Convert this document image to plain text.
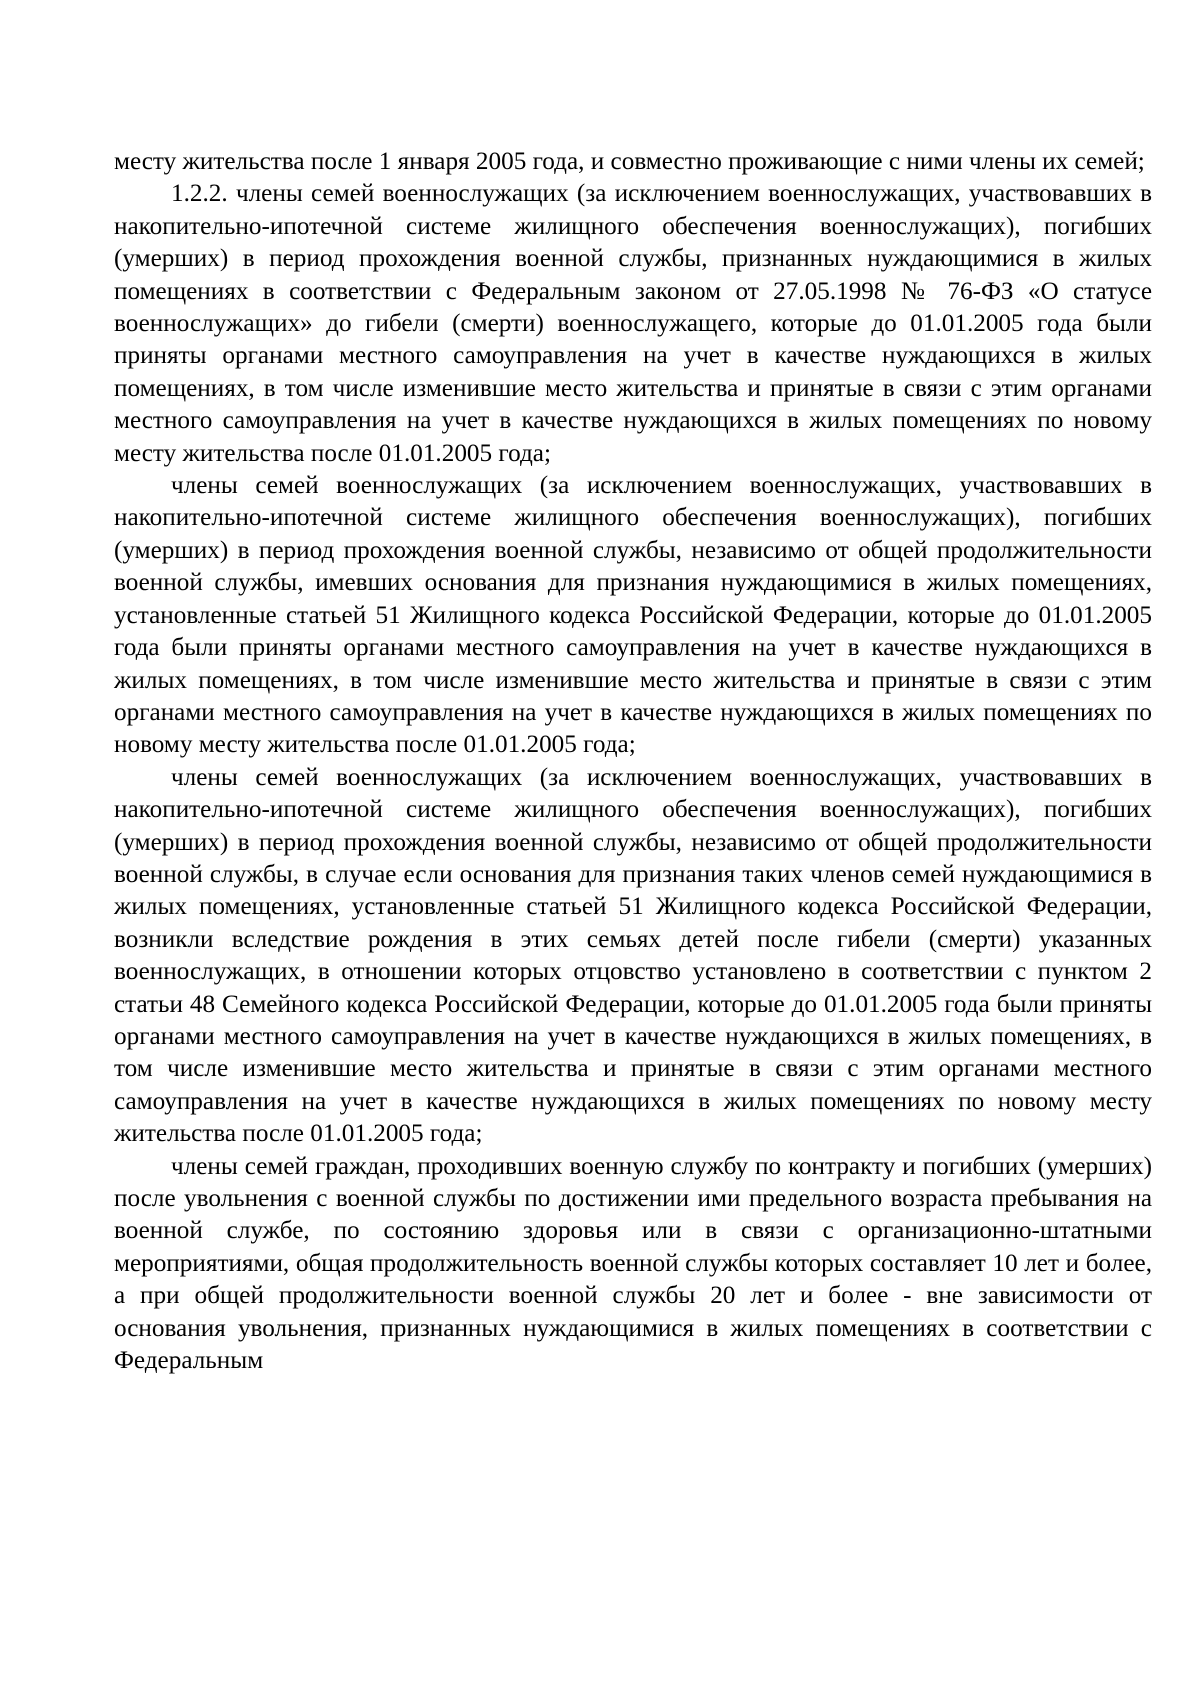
месту жительства после 1 января 2005 года, и совместно проживающие с ними члены их семей;

1.2.2. члены семей военнослужащих (за исключением военнослужащих, участвовавших в накопительно-ипотечной системе жилищного обеспечения военнослужащих), погибших (умерших) в период прохождения военной службы, признанных нуждающимися в жилых помещениях в соответствии с Федеральным законом от 27.05.1998 № 76-ФЗ «О статусе военнослужащих» до гибели (смерти) военнослужащего, которые до 01.01.2005 года были приняты органами местного самоуправления на учет в качестве нуждающихся в жилых помещениях, в том числе изменившие место жительства и принятые в связи с этим органами местного самоуправления на учет в качестве нуждающихся в жилых помещениях по новому месту жительства после 01.01.2005 года;

члены семей военнослужащих (за исключением военнослужащих, участвовавших в накопительно-ипотечной системе жилищного обеспечения военнослужащих), погибших (умерших) в период прохождения военной службы, независимо от общей продолжительности военной службы, имевших основания для признания нуждающимися в жилых помещениях, установленные статьей 51 Жилищного кодекса Российской Федерации, которые до 01.01.2005 года были приняты органами местного самоуправления на учет в качестве нуждающихся в жилых помещениях, в том числе изменившие место жительства и принятые в связи с этим органами местного самоуправления на учет в качестве нуждающихся в жилых помещениях по новому месту жительства после 01.01.2005 года;

члены семей военнослужащих (за исключением военнослужащих, участвовавших в накопительно-ипотечной системе жилищного обеспечения военнослужащих), погибших (умерших) в период прохождения военной службы, независимо от общей продолжительности военной службы, в случае если основания для признания таких членов семей нуждающимися в жилых помещениях, установленные статьей 51 Жилищного кодекса Российской Федерации, возникли вследствие рождения в этих семьях детей после гибели (смерти) указанных военнослужащих, в отношении которых отцовство установлено в соответствии с пунктом 2 статьи 48 Семейного кодекса Российской Федерации, которые до 01.01.2005 года были приняты органами местного самоуправления на учет в качестве нуждающихся в жилых помещениях, в том числе изменившие место жительства и принятые в связи с этим органами местного самоуправления на учет в качестве нуждающихся в жилых помещениях по новому месту жительства после 01.01.2005 года;

члены семей граждан, проходивших военную службу по контракту и погибших (умерших) после увольнения с военной службы по достижении ими предельного возраста пребывания на военной службе, по состоянию здоровья или в связи с организационно-штатными мероприятиями, общая продолжительность военной службы которых составляет 10 лет и более, а при общей продолжительности военной службы 20 лет и более - вне зависимости от основания увольнения, признанных нуждающимися в жилых помещениях в соответствии с Федеральным
